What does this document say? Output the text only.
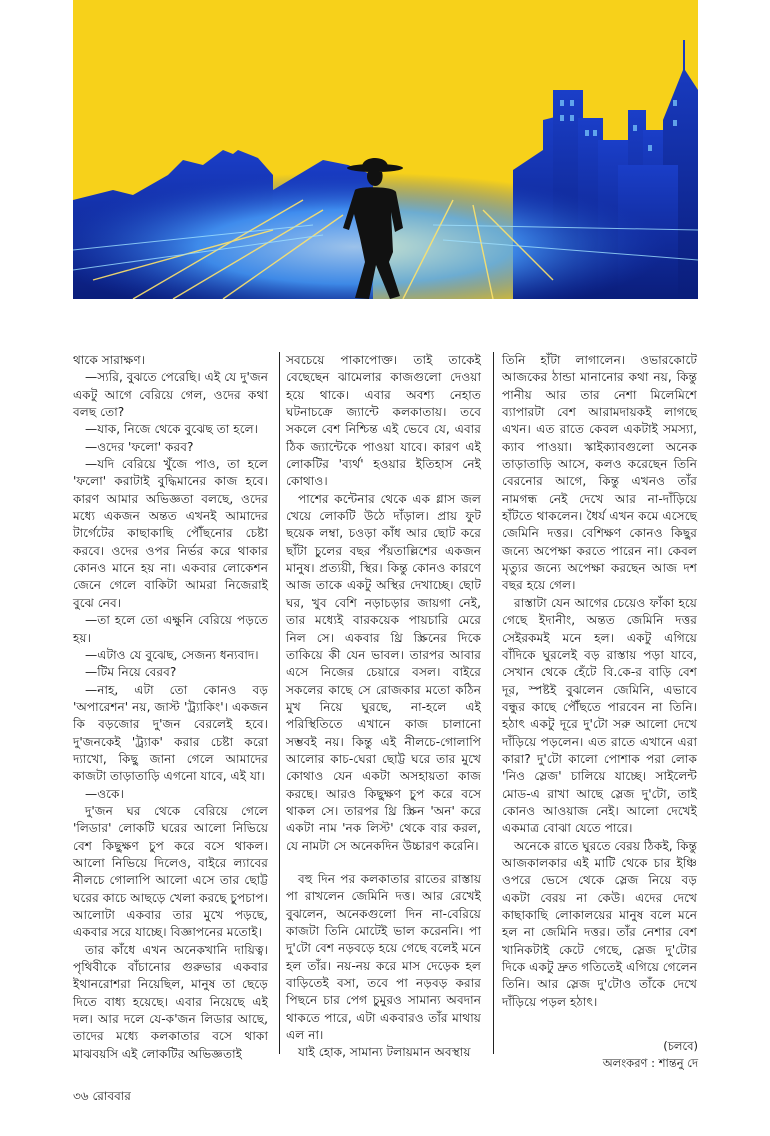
থাকে সারাক্ষণ।

—স্যরি, বুঝতে পেরেছি। এই যে দু'জন একটু আগে বেরিয়ে গেল, ওদের কথা বলছ তো?

—যাক, নিজে থেকে বুঝেছ তা হলে।

—ওদের 'ফলো' করব?

—যদি বেরিয়ে খুঁজে পাও, তা হলে 'ফলো' করাটাই বুদ্ধিমানের কাজ হবে। কারণ আমার অভিজ্ঞতা বলছে, ওদের মধ্যে একজন অন্তত এখনই আমাদের টার্গেটের কাছাকাছি পৌঁছনোর চেষ্টা করবে। ওদের ওপর নির্ভর করে থাকার কোনও মানে হয় না। একবার লোকেশন জেনে গেলে বাকিটা আমরা নিজেরাই বুঝে নেব।

—তা হলে তো এক্ষুনি বেরিয়ে পড়তে হয়।

—এটাও যে বুঝেছ, সেজন্য ধন্যবাদ।

—টিম নিয়ে বেরব?

—নাহ, এটা তো কোনও বড় 'অপারেশন' নয়, জাস্ট 'ট্র্যাকিং'। একজন কি বড়জোর দু'জন বেরলেই হবে। দু'জনকেই 'ট্র্যাক' করার চেষ্টা করো দ্যাখো, কিছু জানা গেলে আমাদের কাজটা তাড়াতাড়ি এগনো যাবে, এই যা।

—ওকে।

দু'জন ঘর থেকে বেরিয়ে গেলে 'লিডার' লোকটি ঘরের আলো নিভিয়ে বেশ কিছুক্ষণ চুপ করে বসে থাকল। আলো নিভিয়ে দিলেও, বাইরে ল্যাবের নীলচে গোলাপি আলো এসে তার ছোট্ট ঘরের কাচে আছড়ে খেলা করছে চুপচাপ। আলোটা একবার তার মুখে পড়ছে, একবার সরে যাচ্ছে। বিজ্ঞাপনের মতোই।

তার কাঁধে এখন অনেকখানি দায়িত্ব। পৃথিবীকে বাঁচানোর গুরুভার একবার ইথানরোশরা নিয়েছিল, মানুষ তা ছেড়ে দিতে বাধ্য হয়েছে। এবার নিয়েছে এই দল। আর দলে যে-ক'জন লিডার আছে, তাদের মধ্যে কলকাতার বসে থাকা মাঝবয়সি এই লোকটির অভিজ্ঞতাই

সবচেয়ে পাকাপোক্ত। তাই তাকেই বেছেছেন ঝামেলার কাজগুলো দেওয়া হয়ে থাকে। এবার অবশ্য নেহাত ঘটনাচক্রে জ্যান্টে কলকাতায়। তবে সকলে বেশ নিশ্চিন্ত এই ভেবে যে, এবার ঠিক জ্যান্টেকে পাওয়া যাবে। কারণ এই লোকটির 'ব্যর্থ' হওয়ার ইতিহাস নেই কোথাও।

পাশের কন্টেনার থেকে এক গ্লাস জল খেয়ে লোকটি উঠে দাঁড়াল। প্রায় ফুট ছয়েক লম্বা, চওড়া কাঁধ আর ছোট করে ছাঁটা চুলের বছর পঁয়তাল্লিশের একজন মানুষ। প্রত্যয়ী, স্থির। কিন্তু কোনও কারণে আজ তাকে একটু অস্থির দেখাচ্ছে। ছোট ঘর, খুব বেশি নড়াচড়ার জায়গা নেই, তার মধ্যেই বারকয়েক পায়চারি মেরে নিল সে। একবার থ্রি স্ক্রিনের দিকে তাকিয়ে কী যেন ভাবল। তারপর আবার এসে নিজের চেয়ারে বসল। বাইরে সকলের কাছে সে রোজকার মতো কঠিন মুখ নিয়ে ঘুরছে, না-হলে এই পরিস্থিতিতে এখানে কাজ চালানো সম্ভবই নয়। কিন্তু এই নীলচে-গোলাপি আলোর কাচ-ঘেরা ছোট্ট ঘরে তার মুখে কোথাও যেন একটা অসহায়তা কাজ করছে। আরও কিছুক্ষণ চুপ করে বসে থাকল সে। তারপর থ্রি স্ক্রিন 'অন' করে একটা নাম 'নক লিস্ট' থেকে বার করল, যে নামটা সে অনেকদিন উচ্চারণ করেনি।

বহু দিন পর কলকাতার রাতের রাস্তায় পা রাখলেন জেমিনি দত্ত। আর রেখেই বুঝলেন, অনেকগুলো দিন না-বেরিয়ে কাজটা তিনি মোটেই ভাল করেননি। পা দু'টো বেশ নড়বড়ে হয়ে গেছে বলেই মনে হল তাঁর। নয়-নয় করে মাস দেড়েক হল বাড়িতেই বসা, তবে পা নড়বড় করার পিছনে চার পেগ চুমুরও সামান্য অবদান থাকতে পারে, এটা একবারও তাঁর মাথায় এল না।

যাই হোক, সামান্য টলায়মান অবস্থায়

তিনি হাঁটা লাগালেন। ওভারকোটে আজকের ঠান্ডা মানানোর কথা নয়, কিন্তু পানীয় আর তার নেশা মিলেমিশে ব্যাপারটা বেশ আরামদায়কই লাগছে এখন। এত রাতে কেবল একটাই সমস্যা, ক্যাব পাওয়া। স্কাইক্যাবগুলো অনেক তাড়াতাড়ি আসে, কলও করেছেন তিনি বেরনোর আগে, কিন্তু এখনও তাঁর নামগন্ধ নেই দেখে আর না-দাঁড়িয়ে হাঁটতে থাকলেন। ধৈর্য এখন কমে এসেছে জেমিনি দত্তর। বেশিক্ষণ কোনও কিছুর জন্যে অপেক্ষা করতে পারেন না। কেবল মৃত্যুর জন্যে অপেক্ষা করছেন আজ দশ বছর হয়ে গেল।

রাস্তাটা যেন আগের চেয়েও ফাঁকা হয়ে গেছে ইদানীং, অন্তত জেমিনি দত্তর সেইরকমই মনে হল। একটু এগিয়ে বাঁদিকে ঘুরলেই বড় রাস্তায় পড়া যাবে, সেখান থেকে হেঁটে বি.কে-র বাড়ি বেশ দূর, স্পষ্টই বুঝলেন জেমিনি, এভাবে বন্ধুর কাছে পৌঁছতে পারবেন না তিনি। হঠাৎ একটু দূরে দু'টো সরু আলো দেখে দাঁড়িয়ে পড়লেন। এত রাতে এখানে এরা কারা? দু'টো কালো পোশাক পরা লোক 'নিও স্লেজ' চালিয়ে যাচ্ছে। সাইলেন্ট মোড-এ রাখা আছে স্লেজ দু'টো, তাই কোনও আওয়াজ নেই। আলো দেখেই একমাত্র বোঝা যেতে পারে।

অনেকে রাতে ঘুরতে বেরয় ঠিকই, কিন্তু আজকালকার এই মাটি থেকে চার ইঞ্চি ওপরে ভেসে থেকে স্লেজ নিয়ে বড় একটা বেরয় না কেউ। এদের দেখে কাছাকাছি লোকালয়ের মানুষ বলে মনে হল না জেমিনি দত্তর। তাঁর নেশার বেশ খানিকটাই কেটে গেছে, স্লেজ দু'টোর দিকে একটু দ্রুত গতিতেই এগিয়ে গেলেন তিনি। আর স্লেজ দু'টোও তাঁকে দেখে দাঁড়িয়ে পড়ল হঠাৎ।

(চলবে)
অলংকরণ : শান্তনু দে
৩৬ রোববার
